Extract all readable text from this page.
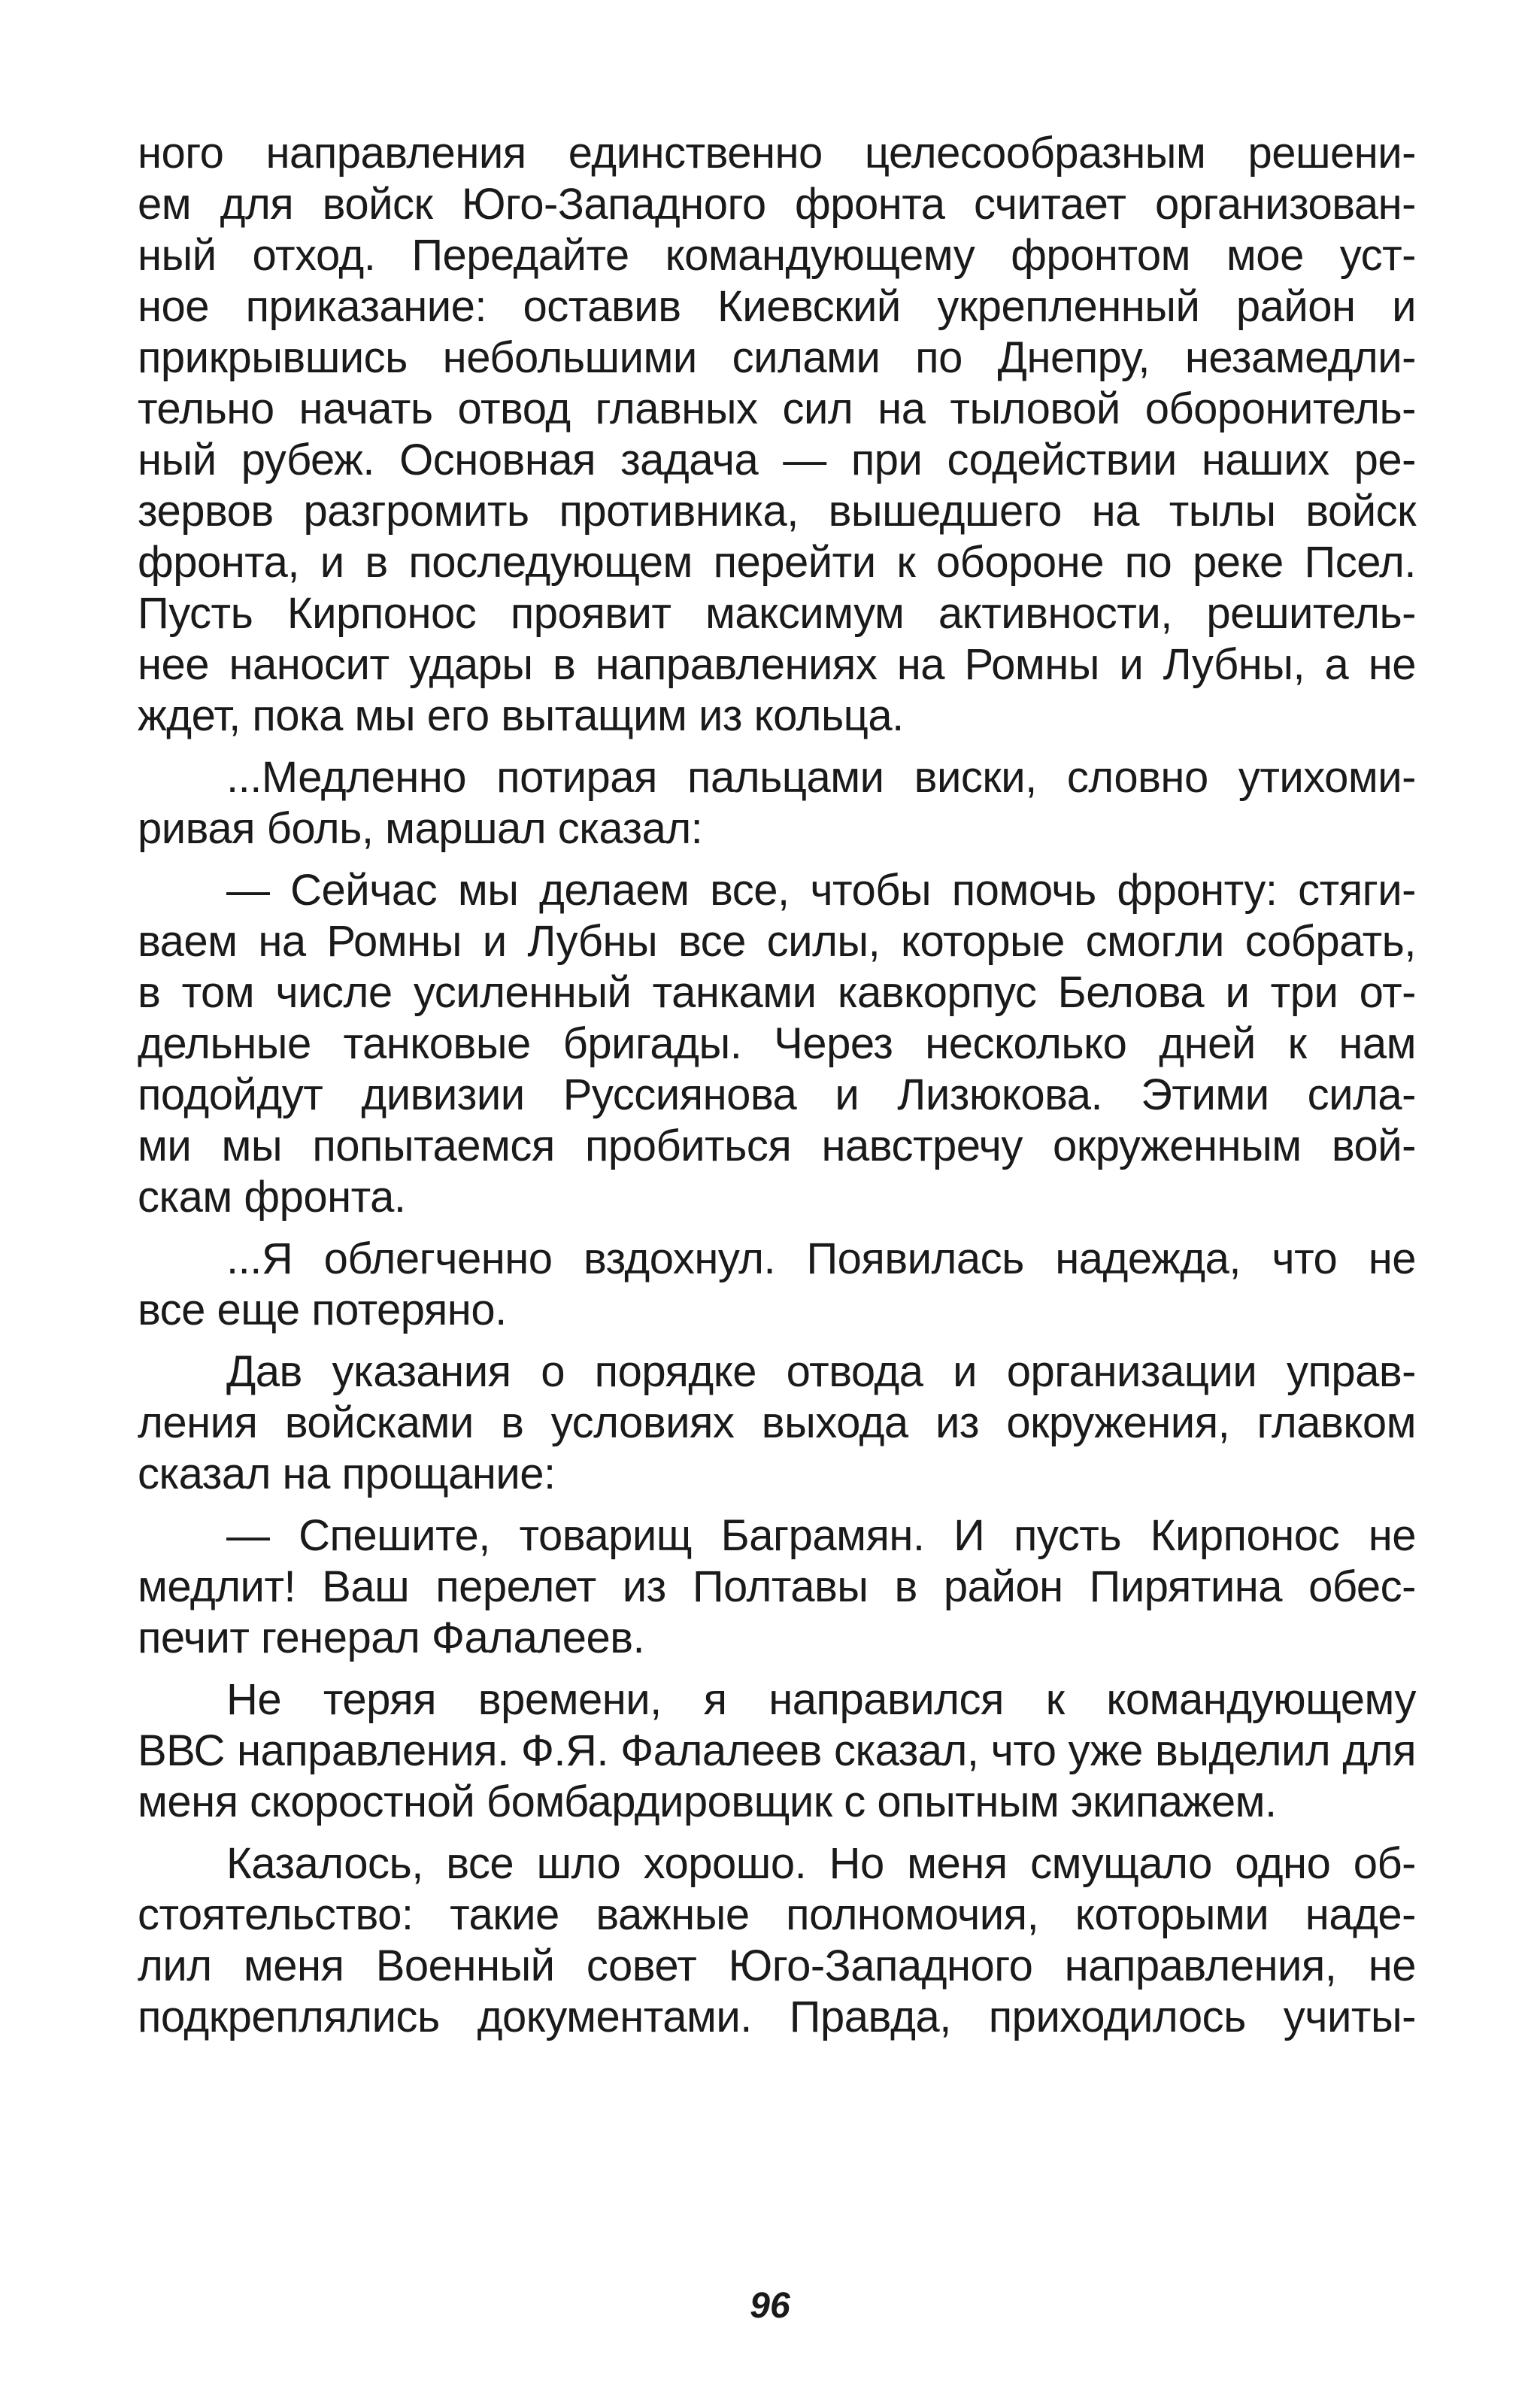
ного направления единственно целесообразным решени-
ем для войск Юго-Западного фронта считает организован-
ный отход. Передайте командующему фронтом мое уст-
ное приказание: оставив Киевский укрепленный район и
прикрывшись небольшими силами по Днепру, незамедли-
тельно начать отвод главных сил на тыловой оборонитель-
ный рубеж. Основная задача — при содействии наших ре-
зервов разгромить противника, вышедшего на тылы войск
фронта, и в последующем перейти к обороне по реке Псел.
Пусть Кирпонос проявит максимум активности, решитель-
нее наносит удары в направлениях на Ромны и Лубны, а не
ждет, пока мы его вытащим из кольца.
...Медленно потирая пальцами виски, словно утихоми-
ривая боль, маршал сказал:
— Сейчас мы делаем все, чтобы помочь фронту: стяги-
ваем на Ромны и Лубны все силы, которые смогли собрать,
в том числе усиленный танками кавкорпус Белова и три от-
дельные танковые бригады. Через несколько дней к нам
подойдут дивизии Руссиянова и Лизюкова. Этими сила-
ми мы попытаемся пробиться навстречу окруженным вой-
скам фронта.
...Я облегченно вздохнул. Появилась надежда, что не
все еще потеряно.
Дав указания о порядке отвода и организации управ-
ления войсками в условиях выхода из окружения, главком
сказал на прощание:
— Спешите, товарищ Баграмян. И пусть Кирпонос не
медлит! Ваш перелет из Полтавы в район Пирятина обес-
печит генерал Фалалеев.
Не теряя времени, я направился к командующему
ВВС направления. Ф.Я. Фалалеев сказал, что уже выделил для
меня скоростной бомбардировщик с опытным экипажем.
Казалось, все шло хорошо. Но меня смущало одно об-
стоятельство: такие важные полномочия, которыми наде-
лил меня Военный совет Юго-Западного направления, не
подкреплялись документами. Правда, приходилось учиты-
96
